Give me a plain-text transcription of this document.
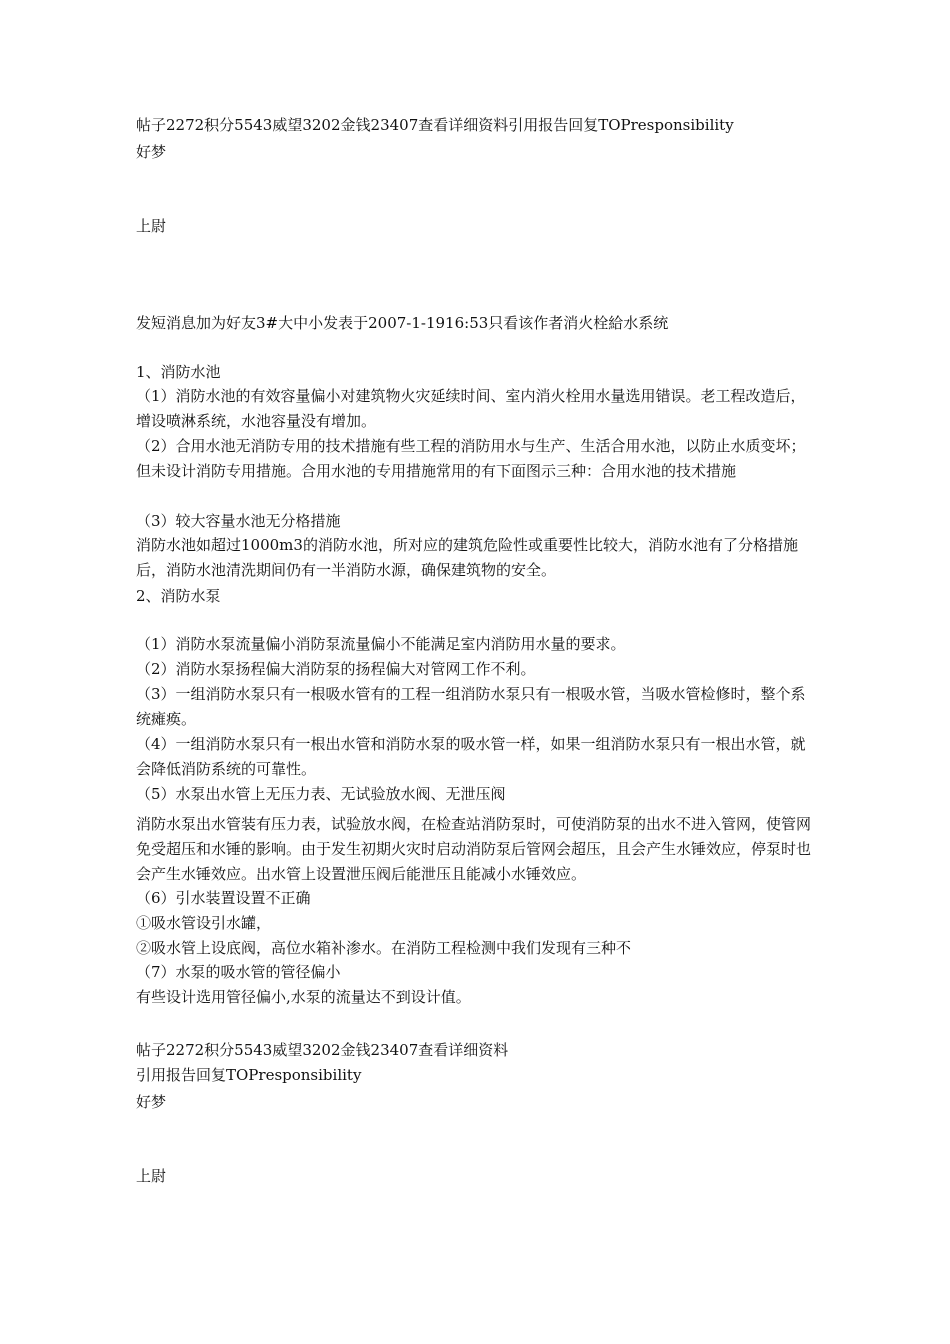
帖子2272积分5543威望3202金钱23407查看详细资料引用报告回复TOPresponsibility
好梦
上尉
发短消息加为好友3#大中小发表于2007-1-1916:53只看该作者消火栓給水系统
1、消防水池
（1）消防水池的有效容量偏小对建筑物火灾延续时间、室内消火栓用水量选用错误。老工程改造后，增设喷淋系统，水池容量没有增加。
（2）合用水池无消防专用的技术措施有些工程的消防用水与生产、生活合用水池，以防止水质变坏；但未设计消防专用措施。合用水池的专用措施常用的有下面图示三种：合用水池的技术措施
（3）较大容量水池无分格措施
消防水池如超过1000m3的消防水池，所对应的建筑危险性或重要性比较大，消防水池有了分格措施后，消防水池清洗期间仍有一半消防水源，确保建筑物的安全。
2、消防水泵
（1）消防水泵流量偏小消防泵流量偏小不能满足室内消防用水量的要求。
（2）消防水泵扬程偏大消防泵的扬程偏大对管网工作不利。
（3）一组消防水泵只有一根吸水管有的工程一组消防水泵只有一根吸水管，当吸水管检修时，整个系统瘫痪。
（4）一组消防水泵只有一根出水管和消防水泵的吸水管一样，如果一组消防水泵只有一根出水管，就会降低消防系统的可靠性。
（5）水泵出水管上无压力表、无试验放水阀、无泄压阀
消防水泵出水管装有压力表，试验放水阀，在检查站消防泵时，可使消防泵的出水不进入管网，使管网免受超压和水锤的影响。由于发生初期火灾时启动消防泵后管网会超压，且会产生水锤效应，停泵时也会产生水锤效应。出水管上设置泄压阀后能泄压且能减小水锤效应。
（6）引水装置设置不正确
①吸水管设引水罐，
②吸水管上设底阀，高位水箱补渗水。在消防工程检测中我们发现有三种不
（7）水泵的吸水管的管径偏小
有些设计选用管径偏小,水泵的流量达不到设计值。
帖子2272积分5543威望3202金钱23407查看详细资料
引用报告回复TOPresponsibility
好梦
上尉
